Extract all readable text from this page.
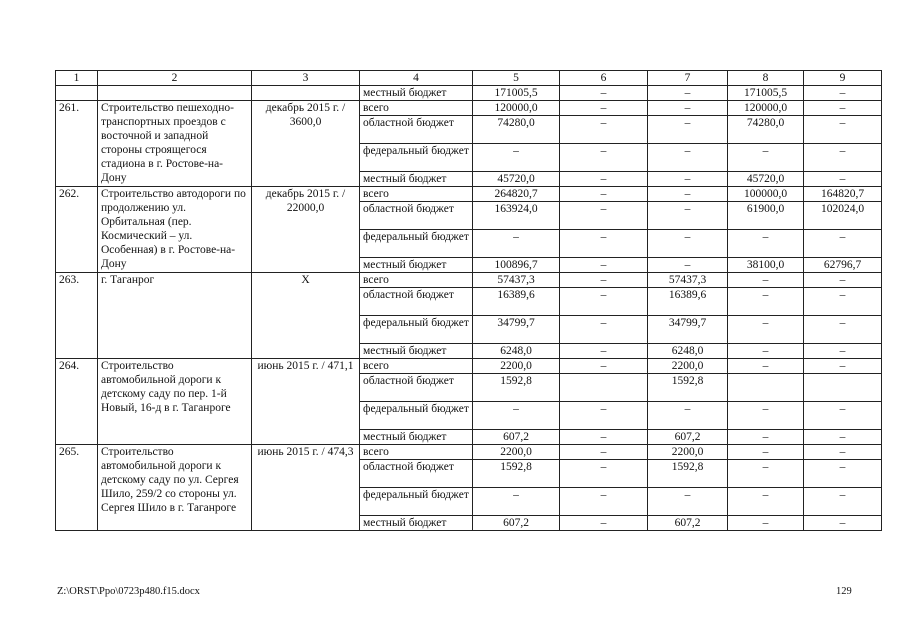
1	2	3	4	5	6	7	8	9
			местный бюджет	171005,5	–	–	171005,5	–
261.	Строительство пешеходно-транспортных проездов с восточной и западной стороны строящегося стадиона в г. Ростове-на-Дону	декабрь 2015 г. / 3600,0	всего	120000,0	–	–	120000,0	–
			областной бюджет	74280,0	–	–	74280,0	–
			федеральный бюджет	–	–	–	–	–
			местный бюджет	45720,0	–	–	45720,0	–
262.	Строительство автодороги по продолжению ул. Орбитальная (пер. Космический – ул. Особенная) в г. Ростове-на-Дону	декабрь 2015 г. / 22000,0	всего	264820,7	–	–	100000,0	164820,7
			областной бюджет	163924,0	–	–	61900,0	102024,0
			федеральный бюджет	–	–	–	–	–
			местный бюджет	100896,7	–	–	38100,0	62796,7
263.	г. Таганрог	X	всего	57437,3	–	57437,3	–	–
			областной бюджет	16389,6	–	16389,6	–	–
			федеральный бюджет	34799,7	–	34799,7	–	–
			местный бюджет	6248,0	–	6248,0	–	–
264.	Строительство автомобильной дороги к детскому саду по пер. 1-й Новый, 16-д в г. Таганроге	июнь 2015 г. / 471,1	всего	2200,0	–	2200,0	–	–
			областной бюджет	1592,8		1592,8		
			федеральный бюджет	–	–	–	–	–
			местный бюджет	607,2	–	607,2	–	–
265.	Строительство автомобильной дороги к детскому саду по ул. Сергея Шило, 259/2 со стороны ул. Сергея Шило в г. Таганроге	июнь 2015 г. / 474,3	всего	2200,0	–	2200,0	–	–
			областной бюджет	1592,8	–	1592,8	–	–
			федеральный бюджет	–	–	–	–	–
			местный бюджет	607,2	–	607,2	–	–
Z:\ORST\Ppo\0723p480.f15.docx	129
